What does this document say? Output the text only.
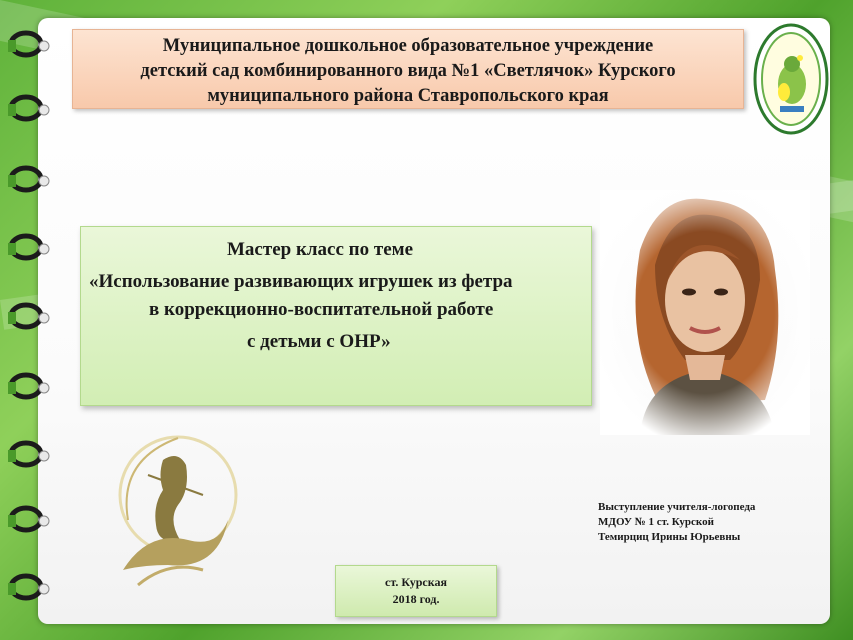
Муниципальное дошкольное образовательное учреждение
детский сад комбинированного вида №1 «Светлячок» Курского
муниципального района Ставропольского края
Мастер класс по теме
«Использование развивающих игрушек из фетра
в коррекционно-воспитательной работе
с детьми с ОНР»
Выступление учителя-логопеда
МДОУ № 1 ст. Курской
Темирциц Ирины Юрьевны
ст. Курская
2018 год.
